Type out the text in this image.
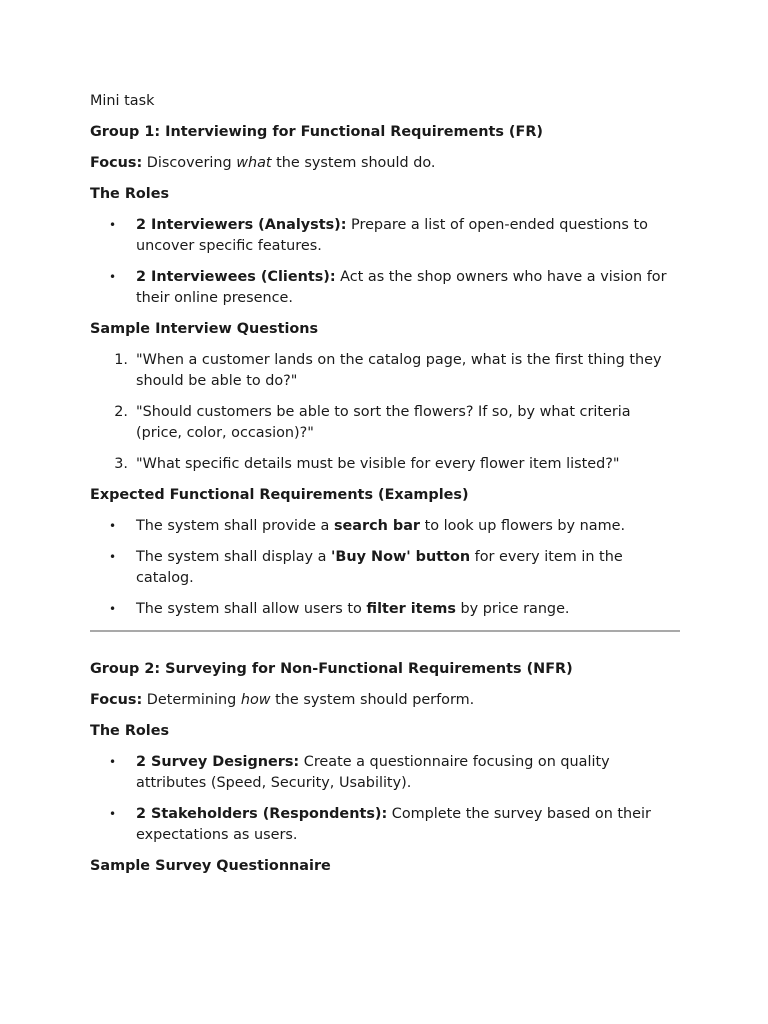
Mini task

Group 1: Interviewing for Functional Requirements (FR)

Focus: Discovering what the system should do.

The Roles

•	2 Interviewers (Analysts): Prepare a list of open-ended questions to uncover specific features.
•	2 Interviewees (Clients): Act as the shop owners who have a vision for their online presence.

Sample Interview Questions

1. "When a customer lands on the catalog page, what is the first thing they should be able to do?"
2. "Should customers be able to sort the flowers? If so, by what criteria (price, color, occasion)?"
3. "What specific details must be visible for every flower item listed?"

Expected Functional Requirements (Examples)

•	The system shall provide a search bar to look up flowers by name.
•	The system shall display a 'Buy Now' button for every item in the catalog.
•	The system shall allow users to filter items by price range.

Group 2: Surveying for Non-Functional Requirements (NFR)

Focus: Determining how the system should perform.

The Roles

•	2 Survey Designers: Create a questionnaire focusing on quality attributes (Speed, Security, Usability).
•	2 Stakeholders (Respondents): Complete the survey based on their expectations as users.

Sample Survey Questionnaire
